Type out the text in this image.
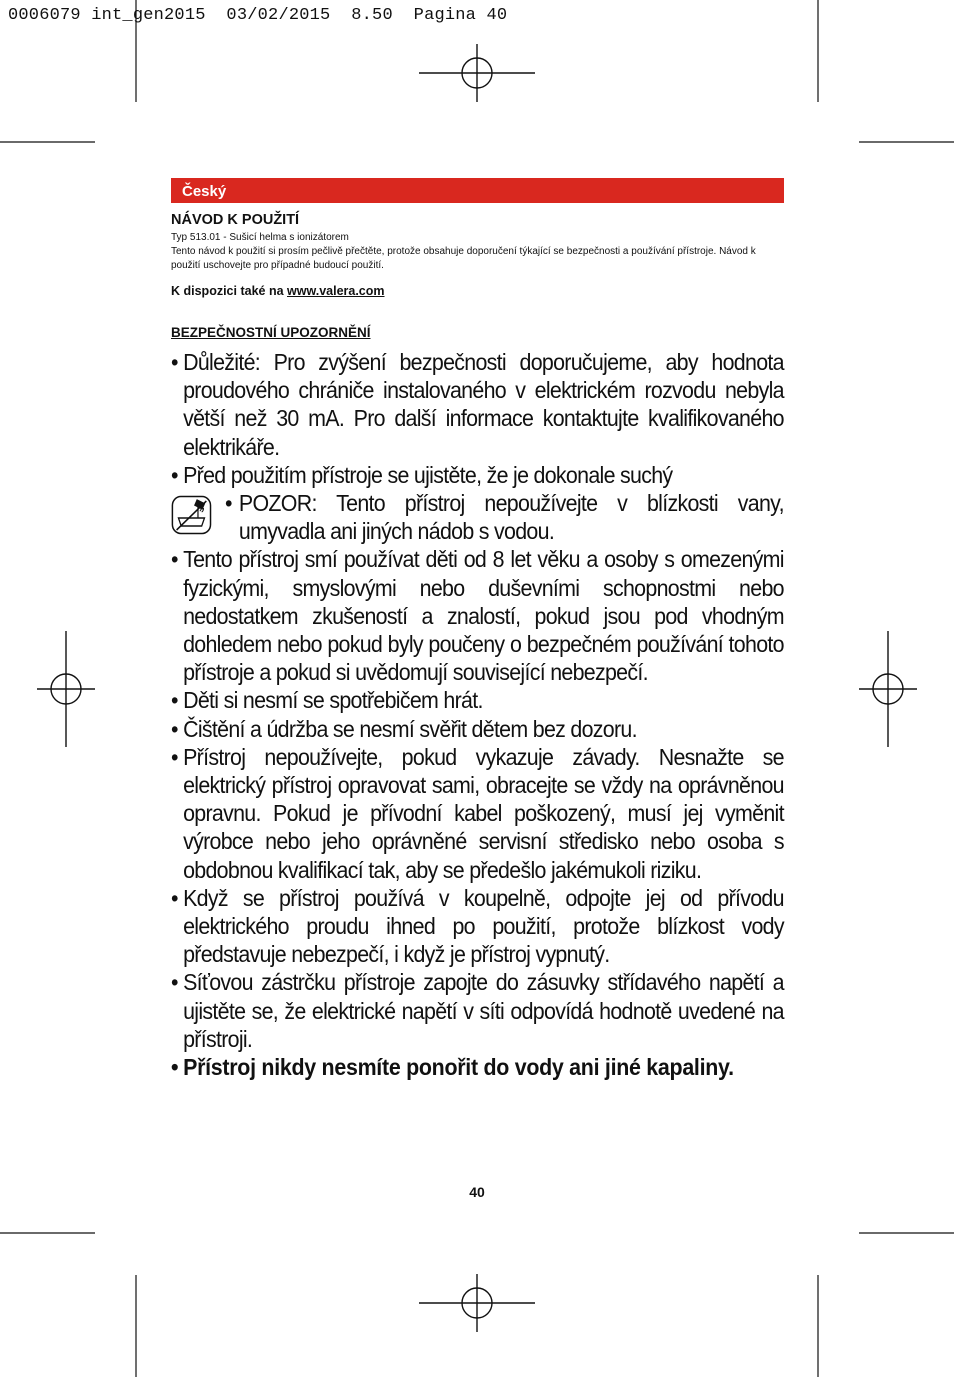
0006079 int_gen2015  03/02/2015  8.50  Pagina 40
Český
NÁVOD K POUŽITÍ
Typ 513.01 - Sušicí helma s ionizátorem
Tento návod k použití si prosím pečlivě přečtěte, protože obsahuje doporučení týkající se bezpečnosti a používání přístroje. Návod k použití uschovejte pro případné budoucí použití.
K dispozici také na www.valera.com
BEZPEČNOSTNÍ UPOZORNĚNÍ
• Důležité: Pro zvýšení bezpečnosti doporučujeme, aby hodnota proudového chrániče instalovaného v elektrickém rozvodu nebyla větší než 30 mA. Pro další informace kontaktujte kvalifikovaného elektrikáře.
• Před použitím přístroje se ujistěte, že je dokonale suchý
• POZOR: Tento přístroj nepoužívejte v blízkosti vany, umyvadla ani jiných nádob s vodou.
• Tento přístroj smí používat děti od 8 let věku a osoby s omezenými fyzickými, smyslovými nebo duševními schopnostmi nebo nedostatkem zkušeností a znalostí, pokud jsou pod vhodným dohledem nebo pokud byly poučeny o bezpečném používání tohoto přístroje a pokud si uvědomují související nebezpečí.
• Děti si nesmí se spotřebičem hrát.
• Čištění a údržba se nesmí svěřit dětem bez dozoru.
• Přístroj nepoužívejte, pokud vykazuje závady. Nesnažte se elektrický přístroj opravovat sami, obracejte se vždy na oprávněnou opravnu. Pokud je přívodní kabel poškozený, musí jej vyměnit výrobce nebo jeho oprávněné servisní středisko nebo osoba s obdobnou kvalifikací tak, aby se předešlo jakémukoli riziku.
• Když se přístroj používá v koupelně, odpojte jej od přívodu elektrického proudu ihned po použití, protože blízkost vody představuje nebezpečí, i když je přístroj vypnutý.
• Síťovou zástrčku přístroje zapojte do zásuvky střídavého napětí a ujistěte se, že elektrické napětí v síti odpovídá hodnotě uvedené na přístroji.
• Přístroj nikdy nesmíte ponořit do vody ani jiné kapaliny.
40
